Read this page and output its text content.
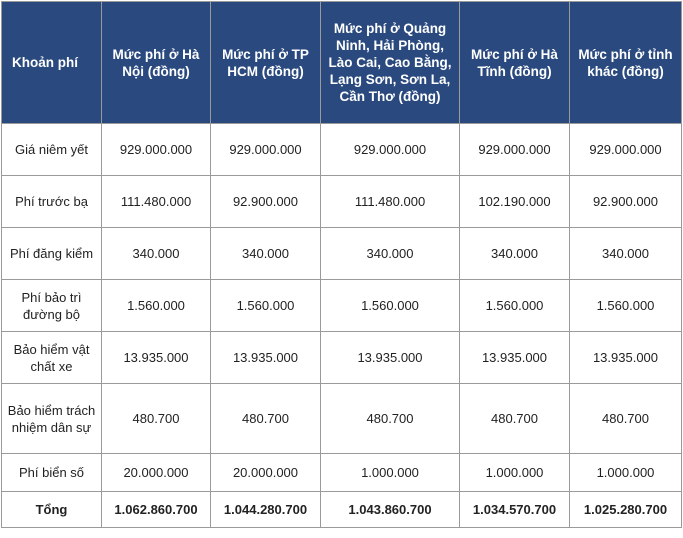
Khoản phí	Mức phí ở Hà Nội (đồng)	Mức phí ở TP HCM (đồng)	Mức phí ở Quảng Ninh, Hải Phòng, Lào Cai, Cao Bằng, Lạng Sơn, Sơn La, Cần Thơ (đồng)	Mức phí ở Hà Tĩnh (đồng)	Mức phí ở tỉnh khác (đồng)
Giá niêm yết	929.000.000	929.000.000	929.000.000	929.000.000	929.000.000
Phí trước bạ	111.480.000	92.900.000	111.480.000	102.190.000	92.900.000
Phí đăng kiểm	340.000	340.000	340.000	340.000	340.000
Phí bảo trì đường bộ	1.560.000	1.560.000	1.560.000	1.560.000	1.560.000
Bảo hiểm vật chất xe	13.935.000	13.935.000	13.935.000	13.935.000	13.935.000
Bảo hiểm trách nhiệm dân sự	480.700	480.700	480.700	480.700	480.700
Phí biển số	20.000.000	20.000.000	1.000.000	1.000.000	1.000.000
Tổng	1.062.860.700	1.044.280.700	1.043.860.700	1.034.570.700	1.025.280.700
